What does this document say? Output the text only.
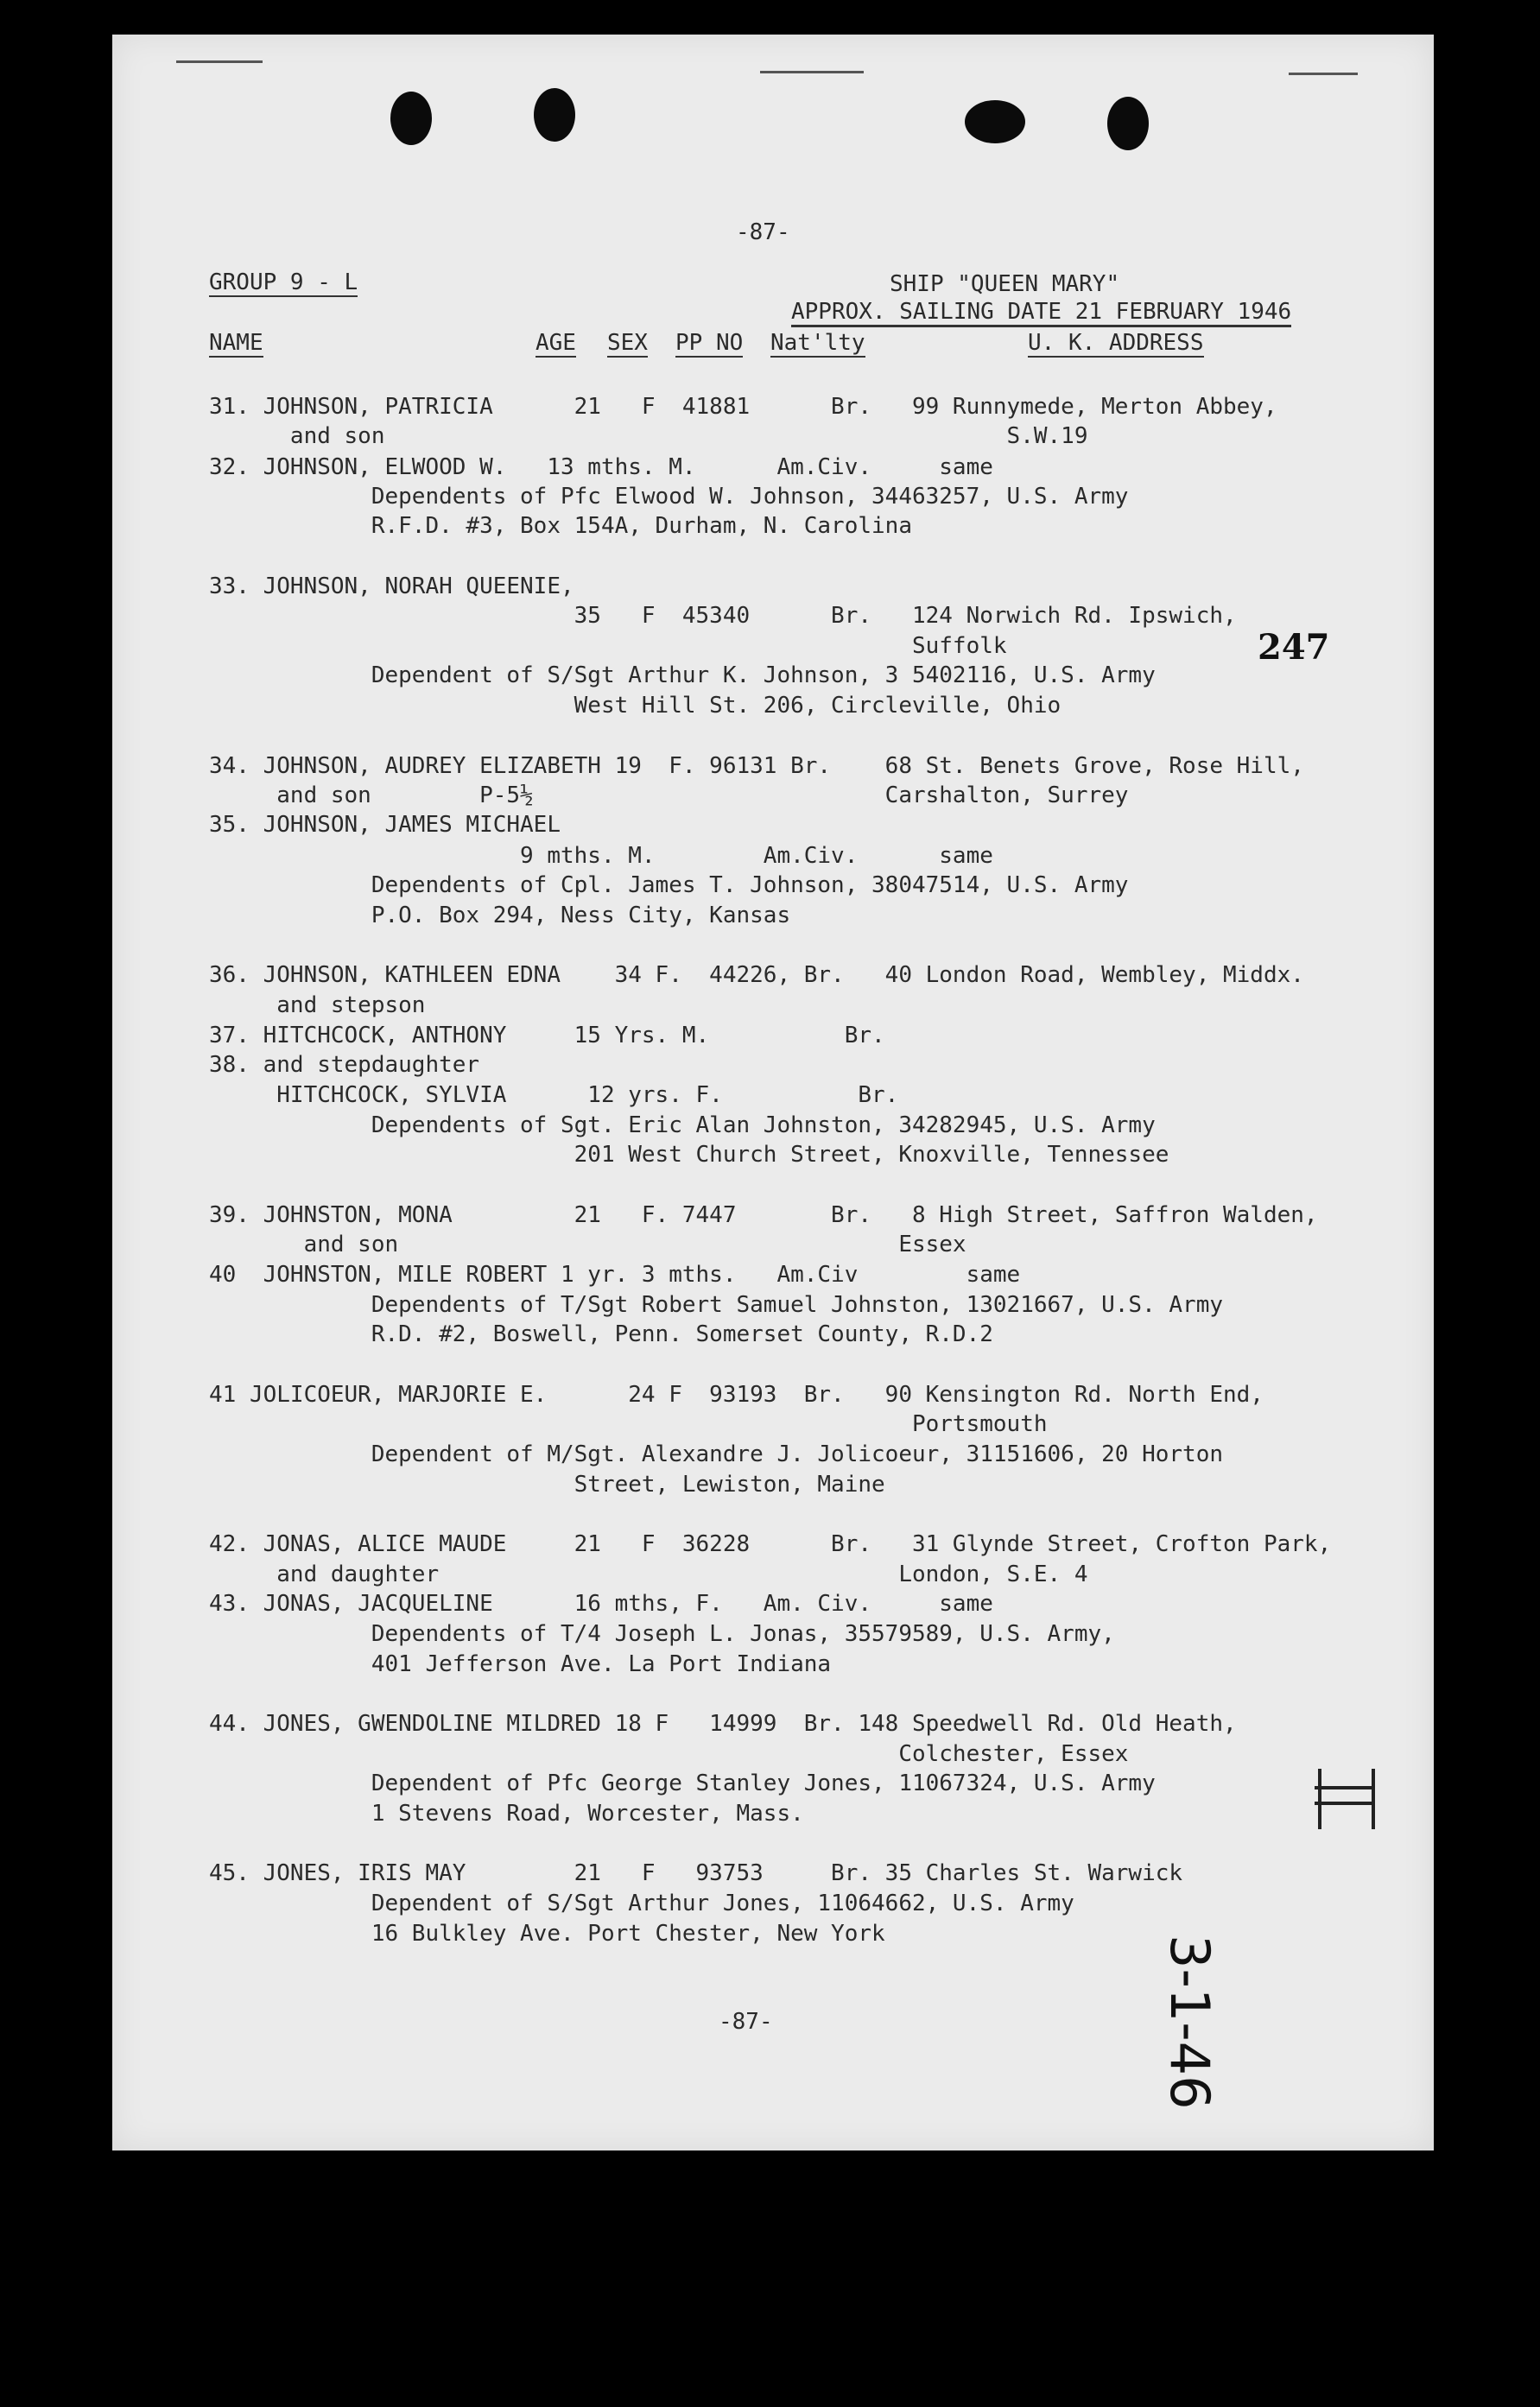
-87-
GROUP 9 - L	SHIP "QUEEN MARY"
APPROX. SAILING DATE 21 FEBRUARY 1946
NAME	AGE SEX PP NO Nat'lty	U. K. ADDRESS
31. JOHNSON, PATRICIA      21   F  41881      Br.   99 Runnymede, Merton Abbey,
and son                                              S.W.19
32. JOHNSON, ELWOOD W.   13 mths. M.      Am.Civ.     same
Dependents of Pfc Elwood W. Johnson, 34463257, U.S. Army
R.F.D. #3, Box 154A, Durham, N. Carolina
33. JOHNSON, NORAH QUEENIE,
35   F  45340      Br.   124 Norwich Rd. Ipswich,
Suffolk
Dependent of S/Sgt Arthur K. Johnson, 3 5402116, U.S. Army
West Hill St. 206, Circleville, Ohio
34. JOHNSON, AUDREY ELIZABETH 19  F. 96131 Br.    68 St. Benets Grove, Rose Hill,
and son        P-5½                          Carshalton, Surrey
35. JOHNSON, JAMES MICHAEL
9 mths. M.        Am.Civ.      same
Dependents of Cpl. James T. Johnson, 38047514, U.S. Army
P.O. Box 294, Ness City, Kansas
36. JOHNSON, KATHLEEN EDNA    34 F.  44226, Br.   40 London Road, Wembley, Middx.
and stepson
37. HITCHCOCK, ANTHONY     15 Yrs. M.          Br.
38. and stepdaughter
HITCHCOCK, SYLVIA      12 yrs. F.          Br.
Dependents of Sgt. Eric Alan Johnston, 34282945, U.S. Army
201 West Church Street, Knoxville, Tennessee
39. JOHNSTON, MONA         21   F. 7447       Br.   8 High Street, Saffron Walden,
and son                                     Essex
40  JOHNSTON, MILE ROBERT 1 yr. 3 mths.   Am.Civ        same
Dependents of T/Sgt Robert Samuel Johnston, 13021667, U.S. Army
R.D. #2, Boswell, Penn. Somerset County, R.D.2
41 JOLICOEUR, MARJORIE E.      24 F  93193  Br.   90 Kensington Rd. North End,
Portsmouth
Dependent of M/Sgt. Alexandre J. Jolicoeur, 31151606, 20 Horton
Street, Lewiston, Maine
42. JONAS, ALICE MAUDE     21   F  36228      Br.   31 Glynde Street, Crofton Park,
and daughter                                  London, S.E. 4
43. JONAS, JACQUELINE      16 mths, F.   Am. Civ.     same
Dependents of T/4 Joseph L. Jonas, 35579589, U.S. Army,
401 Jefferson Ave. La Port Indiana
44. JONES, GWENDOLINE MILDRED 18 F   14999  Br. 148 Speedwell Rd. Old Heath,
Colchester, Essex
Dependent of Pfc George Stanley Jones, 11067324, U.S. Army
1 Stevens Road, Worcester, Mass.
45. JONES, IRIS MAY        21   F   93753     Br. 35 Charles St. Warwick
Dependent of S/Sgt Arthur Jones, 11064662, U.S. Army
16 Bulkley Ave. Port Chester, New York
-87-
247
3-1-46
